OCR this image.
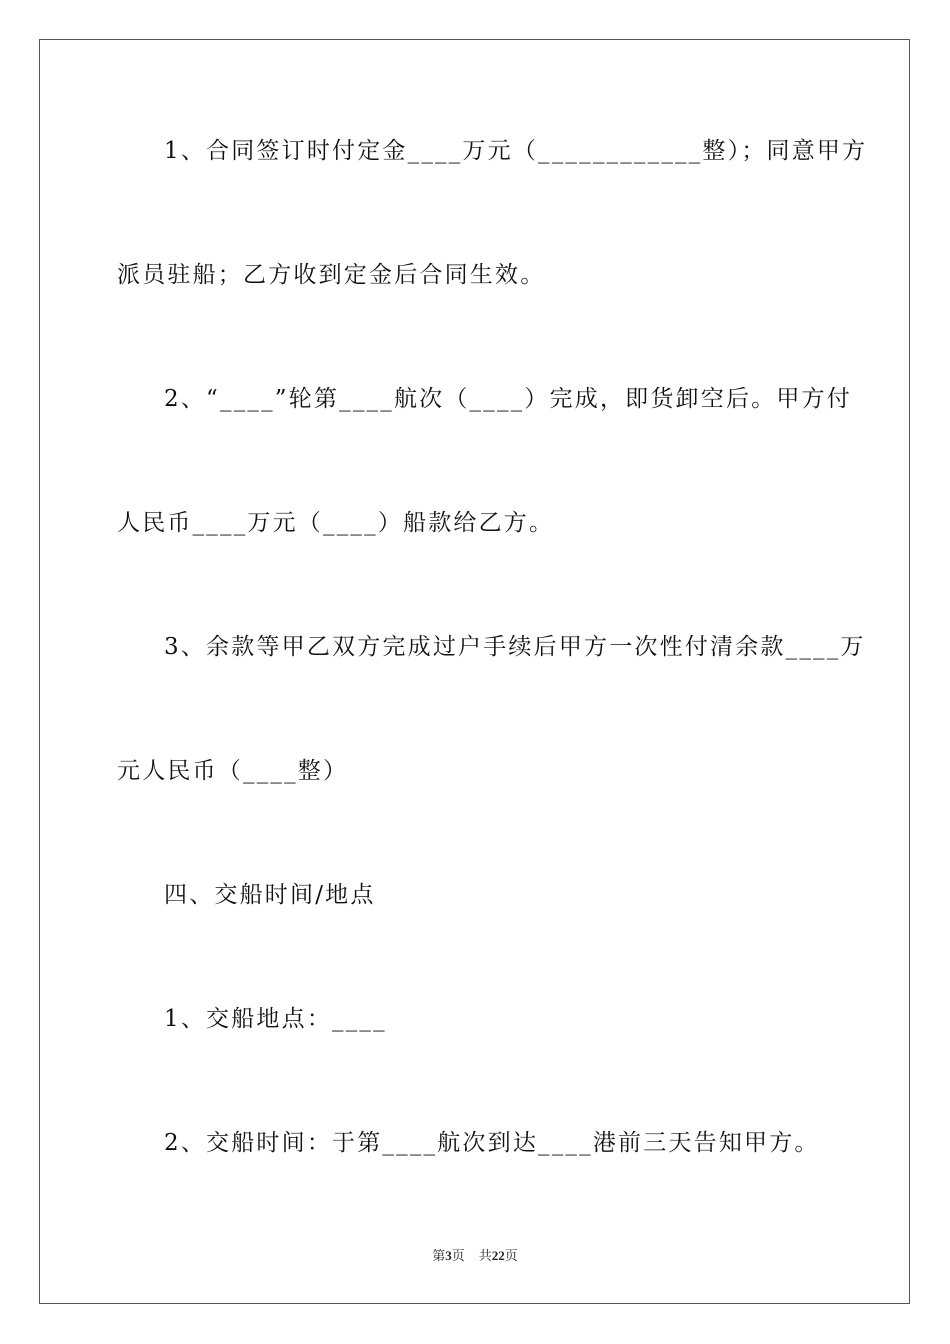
1、合同签订时付定金____万元（____________整）；同意甲方
派员驻船；乙方收到定金后合同生效。
2、“____”轮第____航次（____）完成，即货卸空后。甲方付
人民币____万元（____）船款给乙方。
3、余款等甲乙双方完成过户手续后甲方一次性付清余款____万
元人民币（____整）
四、交船时间/地点
1、交船地点：____
2、交船时间：于第____航次到达____港前三天告知甲方。
第3页 共22页
